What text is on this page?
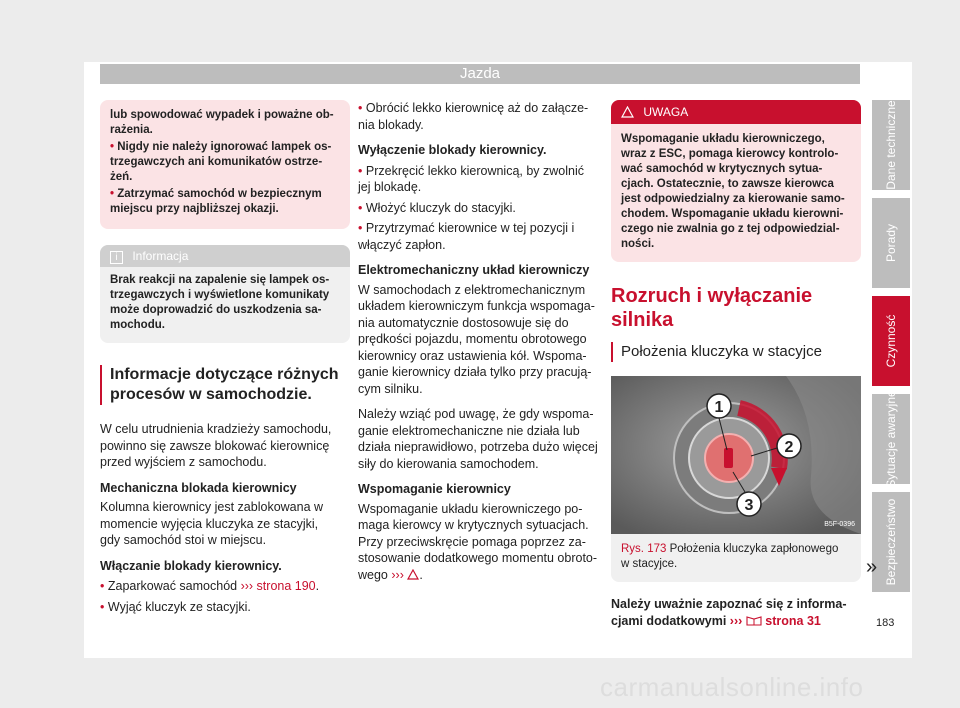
Jazda
lub spowodować wypadek i poważne ob-
rażenia.
• Nigdy nie należy ignorować lampek os-
trzegawczych ani komunikatów ostrze-
żeń.
• Zatrzymać samochód w bezpiecznym
miejscu przy najbliższej okazji.
i Informacja
Brak reakcji na zapalenie się lampek os-
trzegawczych i wyświetlone komunikaty
może doprowadzić do uszkodzenia sa-
mochodu.
Informacje dotyczące różnych
procesów w samochodzie.

W celu utrudnienia kradzieży samochodu,
powinno się zawsze blokować kierownicę
przed wyjściem z samochodu.

Mechaniczna blokada kierownicy

Kolumna kierownicy jest zablokowana w
momencie wyjęcia kluczyka ze stacyjki,
gdy samochód stoi w miejscu.

Włączanie blokady kierownicy.

• Zaparkować samochód ››› strona 190.

• Wyjąć kluczyk ze stacyjki.

• Obrócić lekko kierownicę aż do załącze-
nia blokady.

Wyłączenie blokady kierownicy.

• Przekręcić lekko kierownicą, by zwolnić
jej blokadę.

• Włożyć kluczyk do stacyjki.

• Przytrzymać kierownice w tej pozycji i
włączyć zapłon.

Elektromechaniczny układ kierowniczy

W samochodach z elektromechanicznym
układem kierowniczym funkcja wspomaga-
nia automatycznie dostosowuje się do
prędkości pojazdu, momentu obrotowego
kierownicy oraz ustawienia kół. Wspoma-
ganie kierownicy działa tylko przy pracują-
cym silniku.

Należy wziąć pod uwagę, że gdy wspoma-
ganie elektromechaniczne nie działa lub
działa nieprawidłowo, potrzeba dużo więcej
siły do kierowania samochodem.

Wspomaganie kierownicy

Wspomaganie układu kierowniczego po-
maga kierowcy w krytycznych sytuacjach.
Przy przeciwskręcie pomaga poprzez za-
stosowanie dodatkowego momentu obroto-
wego ››› .

UWAGA
Wspomaganie układu kierowniczego,
wraz z ESC, pomaga kierowcy kontrolo-
wać samochód w krytycznych sytua-
cjach. Ostatecznie, to zawsze kierowca
jest odpowiedzialny za kierowanie samo-
chodem. Wspomaganie układu kierowni-
czego nie zwalnia go z tej odpowiedzial-
ności.
Rozruch i wyłączanie silnika
Położenia kluczyka w stacyjce
1
2
3
B5F-0396
Rys. 173 Położenia kluczyka zapłonowego
w stacyjce.

Należy uważnie zapoznać się z informa-
cjami dodatkowymi ››› strona 31

Dane techniczne
Porady
Czynność
Sytuacje awaryjne
Bezpieczeństwo
»
183
carmanualsonline.info
